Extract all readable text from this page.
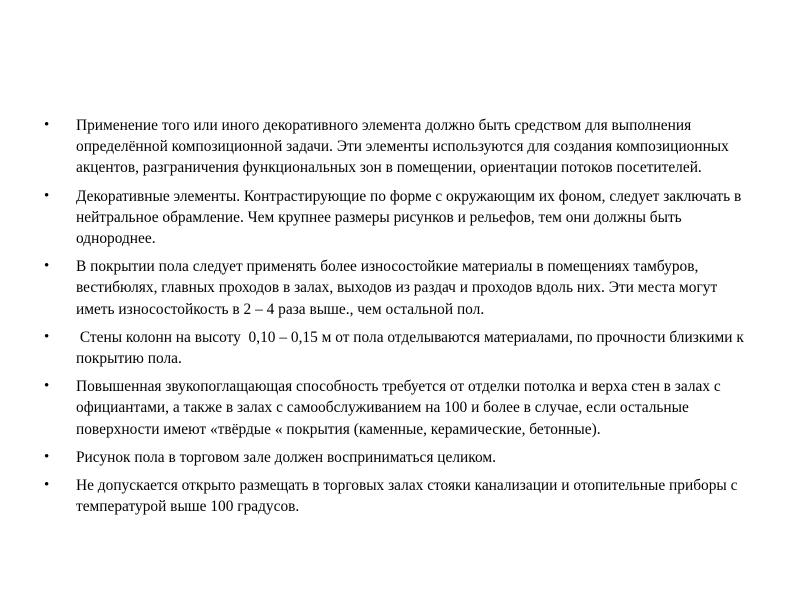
• Применение того или иного декоративного элемента должно быть средством для выполнения определённой композиционной задачи. Эти элементы используются для создания композиционных акцентов, разграничения функциональных зон в помещении, ориентации потоков посетителей.
• Декоративные элементы. Контрастирующие по форме с окружающим их фоном, следует заключать в нейтральное обрамление. Чем крупнее размеры рисунков и рельефов, тем они должны быть однороднее.
• В покрытии пола следует применять более износостойкие материалы в помещениях тамбуров, вестибюлях, главных проходов в залах, выходов из раздач и проходов вдоль них. Эти места могут иметь износостойкость в 2 – 4 раза выше., чем остальной пол.
• Стены колонн на высоту  0,10 – 0,15 м от пола отделываются материалами, по прочности близкими к покрытию пола.
• Повышенная звукопоглащающая способность требуется от отделки потолка и верха стен в залах с официантами, а также в залах с самообслуживанием на 100 и более в случае, если остальные поверхности имеют «твёрдые « покрытия (каменные, керамические, бетонные).
• Рисунок пола в торговом зале должен восприниматься целиком.
• Не допускается открыто размещать в торговых залах стояки канализации и отопительные приборы с температурой выше 100 градусов.
